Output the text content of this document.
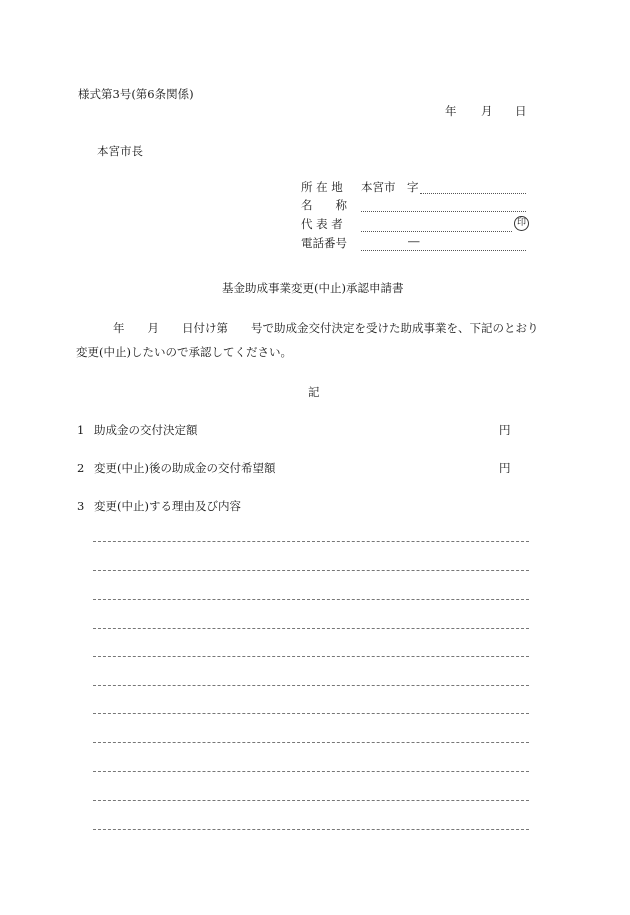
様式第3号(第6条関係)
年 月 日
本宮市長
所 在 地 本宮市　字
名　　称
代 表 者	印
電話番号	―
基金助成事業変更(中止)承認申請書
年　　月　　日付け第　　号で助成金交付決定を受けた助成事業を、下記のとおり
変更(中止)したいので承認してください。
記
1 助成金の交付決定額	円
2 変更(中止)後の助成金の交付希望額	円
3 変更(中止)する理由及び内容
